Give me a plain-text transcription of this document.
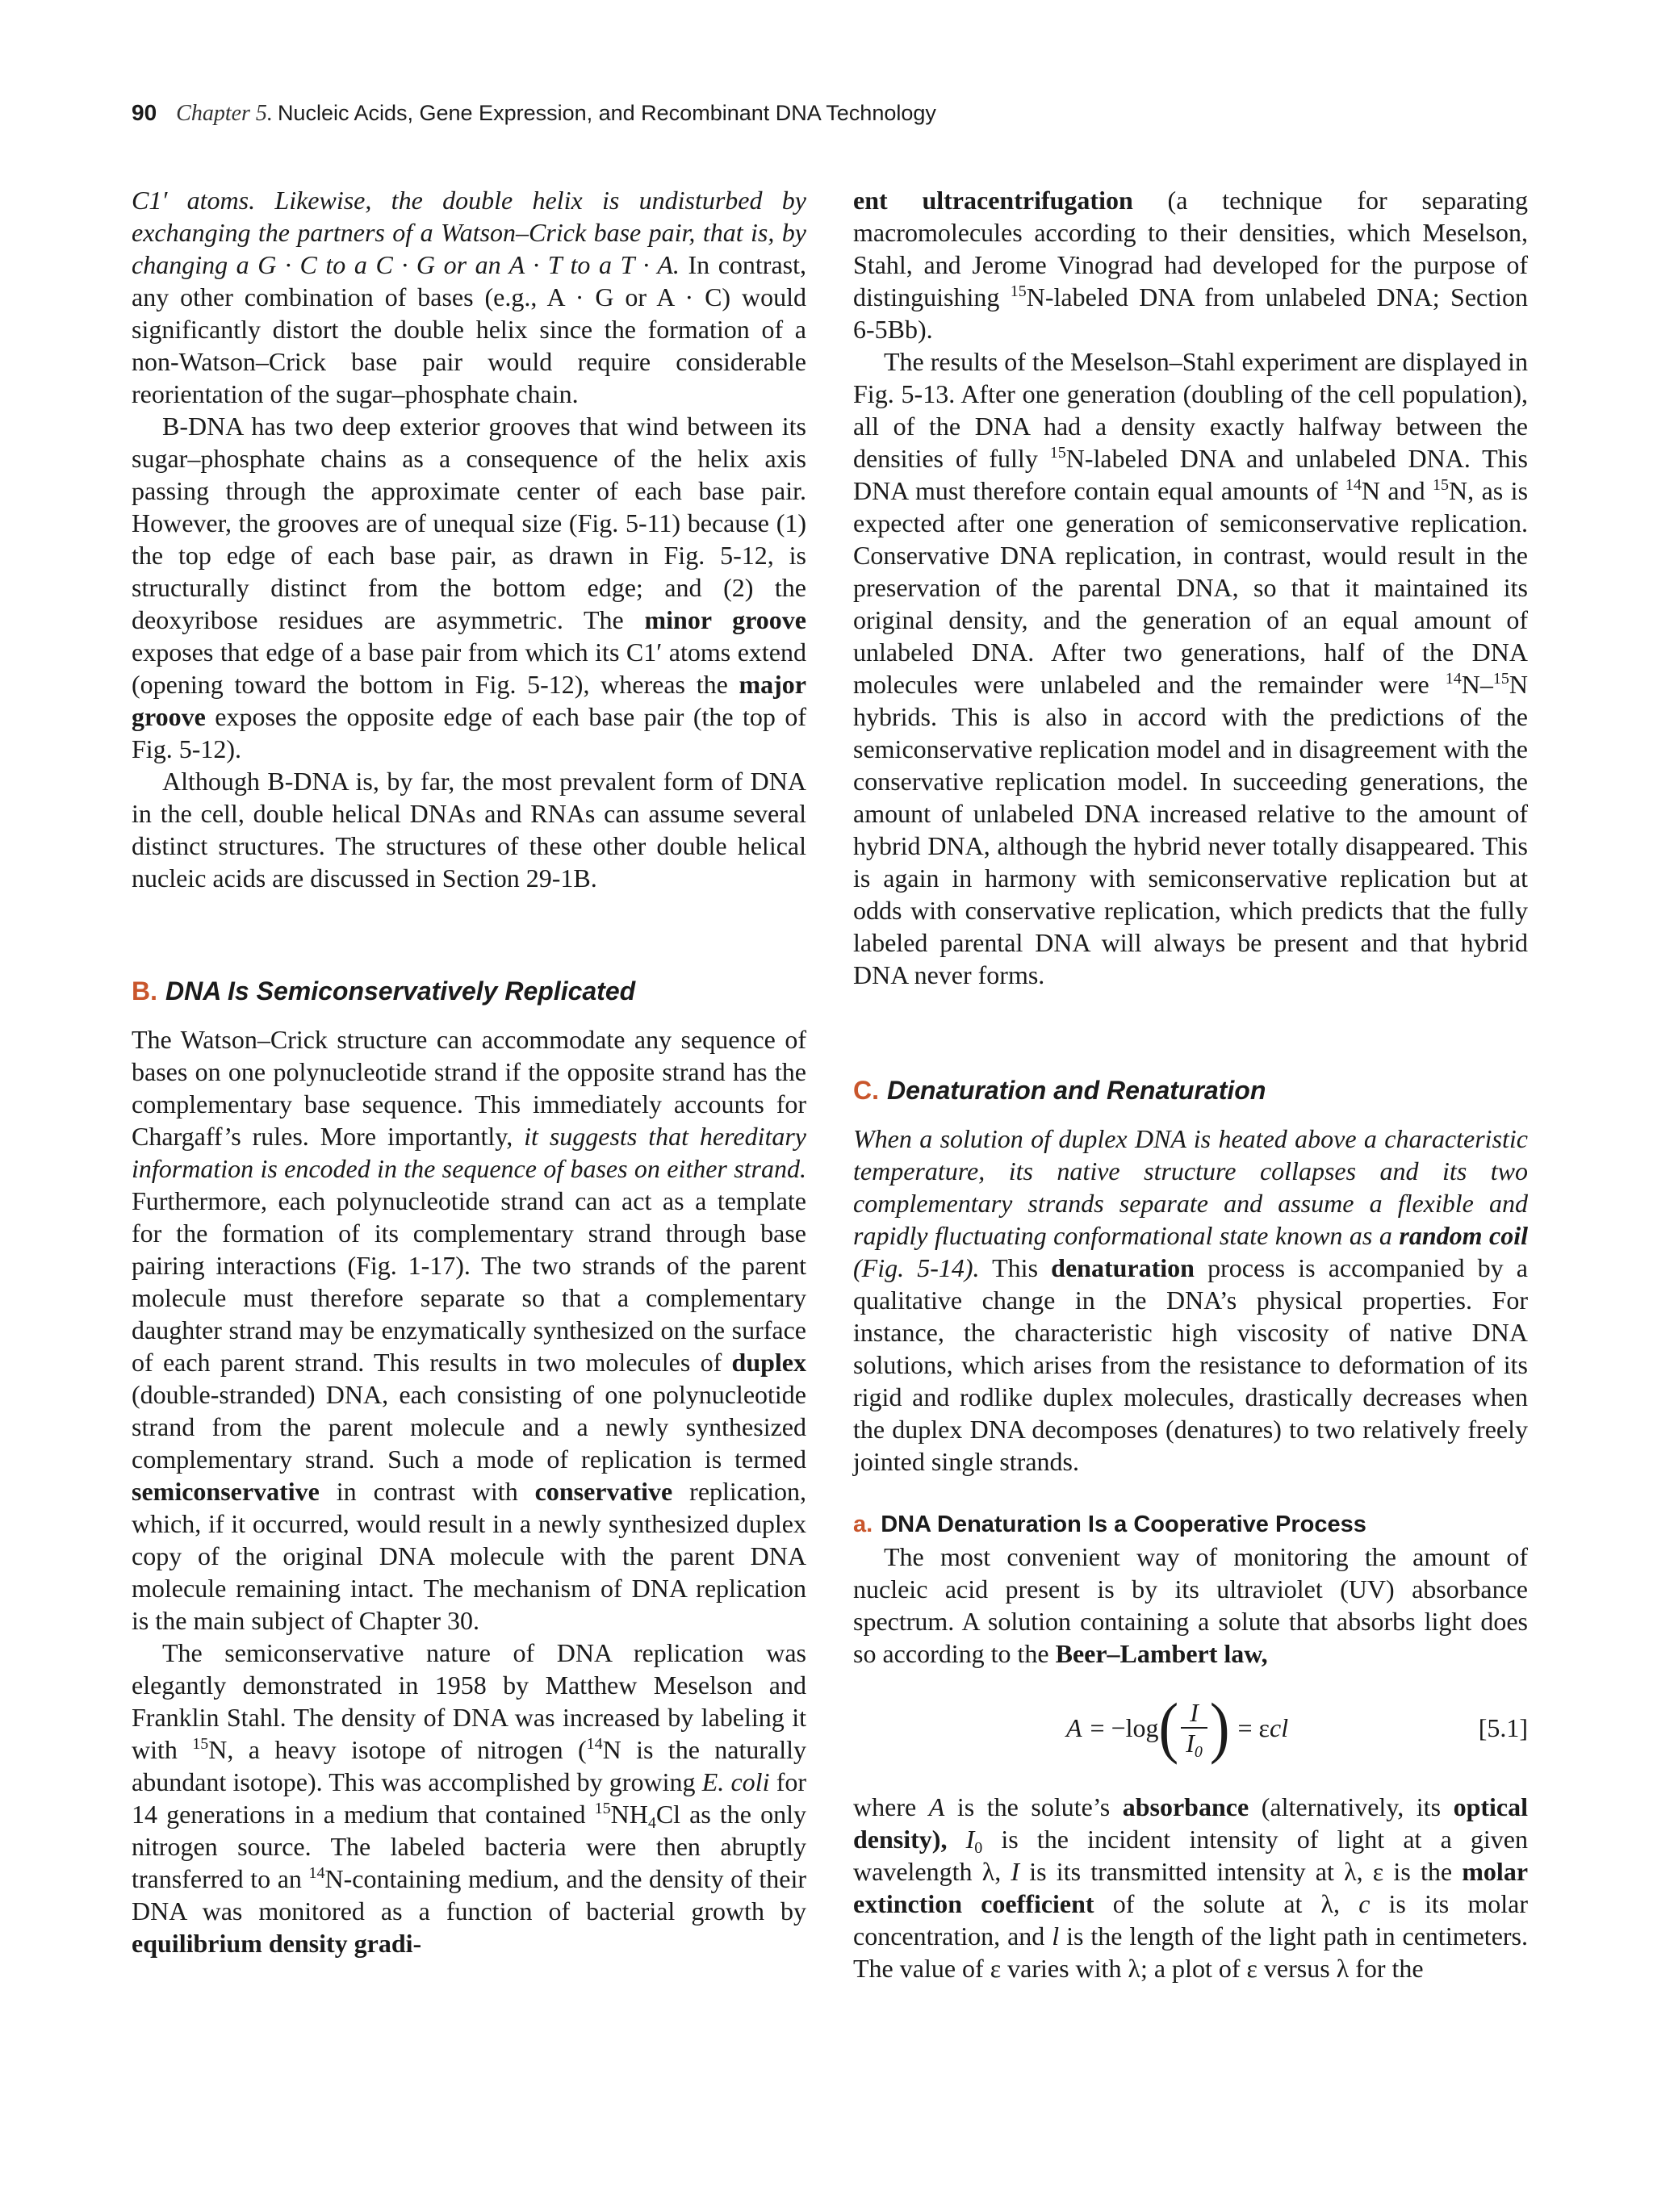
90 Chapter 5. Nucleic Acids, Gene Expression, and Recombinant DNA Technology

C1′ atoms. Likewise, the double helix is undisturbed by exchanging the partners of a Watson–Crick base pair, that is, by changing a G · C to a C · G or an A · T to a T · A. In contrast, any other combination of bases (e.g., A · G or A · C) would significantly distort the double helix since the formation of a non-Watson–Crick base pair would require considerable reorientation of the sugar–phosphate chain.

B-DNA has two deep exterior grooves that wind between its sugar–phosphate chains as a consequence of the helix axis passing through the approximate center of each base pair. However, the grooves are of unequal size (Fig. 5-11) because (1) the top edge of each base pair, as drawn in Fig. 5-12, is structurally distinct from the bottom edge; and (2) the deoxyribose residues are asymmetric. The minor groove exposes that edge of a base pair from which its C1′ atoms extend (opening toward the bottom in Fig. 5-12), whereas the major groove exposes the opposite edge of each base pair (the top of Fig. 5-12).

Although B-DNA is, by far, the most prevalent form of DNA in the cell, double helical DNAs and RNAs can assume several distinct structures. The structures of these other double helical nucleic acids are discussed in Section 29-1B.

B. DNA Is Semiconservatively Replicated

The Watson–Crick structure can accommodate any sequence of bases on one polynucleotide strand if the opposite strand has the complementary base sequence. This immediately accounts for Chargaff’s rules. More importantly, it suggests that hereditary information is encoded in the sequence of bases on either strand. Furthermore, each polynucleotide strand can act as a template for the formation of its complementary strand through base pairing interactions (Fig. 1-17). The two strands of the parent molecule must therefore separate so that a complementary daughter strand may be enzymatically synthesized on the surface of each parent strand. This results in two molecules of duplex (double-stranded) DNA, each consisting of one polynucleotide strand from the parent molecule and a newly synthesized complementary strand. Such a mode of replication is termed semiconservative in contrast with conservative replication, which, if it occurred, would result in a newly synthesized duplex copy of the original DNA molecule with the parent DNA molecule remaining intact. The mechanism of DNA replication is the main subject of Chapter 30.

The semiconservative nature of DNA replication was elegantly demonstrated in 1958 by Matthew Meselson and Franklin Stahl. The density of DNA was increased by labeling it with $^{15}$N, a heavy isotope of nitrogen ($^{14}$N is the naturally abundant isotope). This was accomplished by growing E. coli for 14 generations in a medium that contained $^{15}NH_4Cl$ as the only nitrogen source. The labeled bacteria were then abruptly transferred to an $^{14}$N-containing medium, and the density of their DNA was monitored as a function of bacterial growth by equilibrium density gradi-

ent ultracentrifugation (a technique for separating macromolecules according to their densities, which Meselson, Stahl, and Jerome Vinograd had developed for the purpose of distinguishing $^{15}$N-labeled DNA from unlabeled DNA; Section 6-5Bb).

The results of the Meselson–Stahl experiment are displayed in Fig. 5-13. After one generation (doubling of the cell population), all of the DNA had a density exactly halfway between the densities of fully $^{15}$N-labeled DNA and unlabeled DNA. This DNA must therefore contain equal amounts of $^{14}$N and $^{15}$N, as is expected after one generation of semiconservative replication. Conservative DNA replication, in contrast, would result in the preservation of the parental DNA, so that it maintained its original density, and the generation of an equal amount of unlabeled DNA. After two generations, half of the DNA molecules were unlabeled and the remainder were $^{14}$N–$^{15}$N hybrids. This is also in accord with the predictions of the semiconservative replication model and in disagreement with the conservative replication model. In succeeding generations, the amount of unlabeled DNA increased relative to the amount of hybrid DNA, although the hybrid never totally disappeared. This is again in harmony with semiconservative replication but at odds with conservative replication, which predicts that the fully labeled parental DNA will always be present and that hybrid DNA never forms.

C. Denaturation and Renaturation

When a solution of duplex DNA is heated above a characteristic temperature, its native structure collapses and its two complementary strands separate and assume a flexible and rapidly fluctuating conformational state known as a random coil (Fig. 5-14). This denaturation process is accompanied by a qualitative change in the DNA’s physical properties. For instance, the characteristic high viscosity of native DNA solutions, which arises from the resistance to deformation of its rigid and rodlike duplex molecules, drastically decreases when the duplex DNA decomposes (denatures) to two relatively freely jointed single strands.

a. DNA Denaturation Is a Cooperative Process

The most convenient way of monitoring the amount of nucleic acid present is by its ultraviolet (UV) absorbance spectrum. A solution containing a solute that absorbs light does so according to the Beer–Lambert law,

A = −log ( $\frac{I}{I_0}$ ) = ε cl	[5.1]

where A is the solute’s absorbance (alternatively, its optical density), $I_0$ is the incident intensity of light at a given wavelength λ, I is its transmitted intensity at λ, ε is the molar extinction coefficient of the solute at λ, c is its molar concentration, and l is the length of the light path in centimeters. The value of ε varies with λ; a plot of ε versus λ for the
